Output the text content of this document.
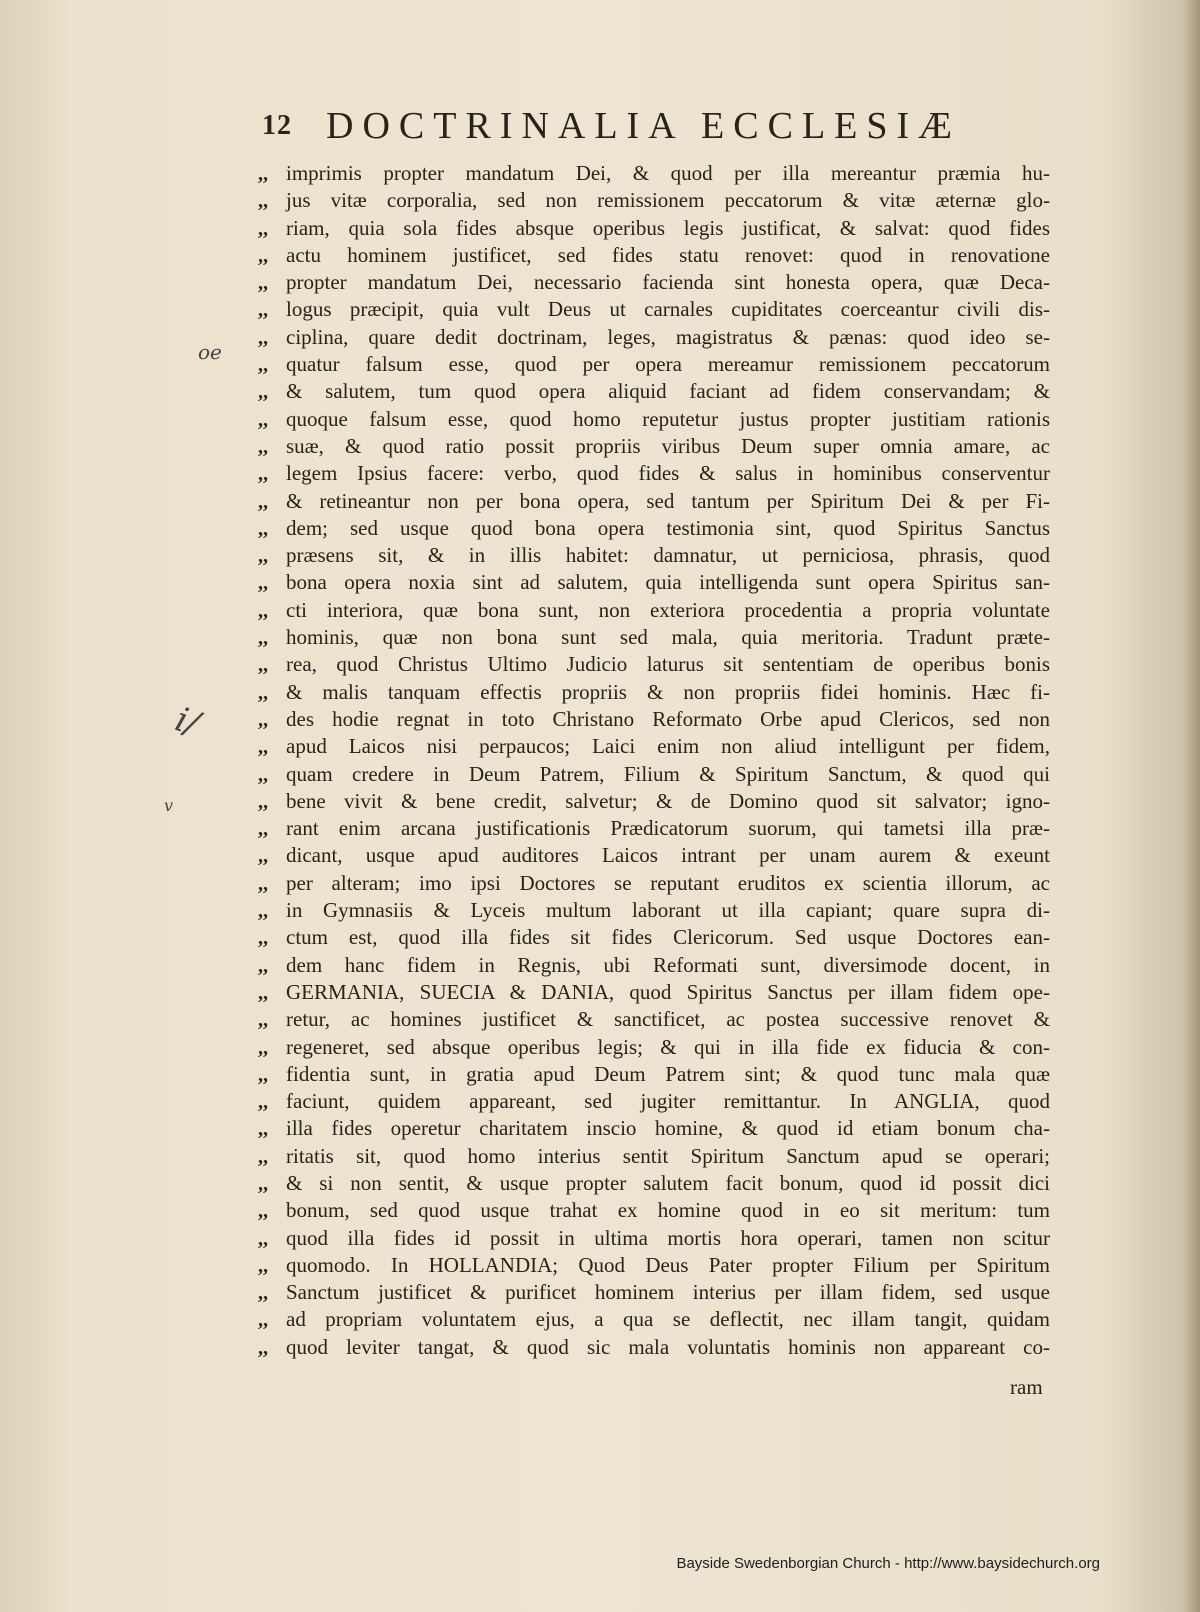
12 DOCTRINALIA ECCLESIÆ
,, imprimis propter mandatum Dei, & quod per illa mereantur præmia hu-
,, jus vitæ corporalia, sed non remissionem peccatorum & vitæ æternæ glo-
,, riam, quia sola fides absque operibus legis justificat, & salvat: quod fides
,, actu hominem justificet, sed fides statu renovet: quod in renovatione
,, propter mandatum Dei, necessario facienda sint honesta opera, quæ Deca-
,, logus præcipit, quia vult Deus ut carnales cupiditates coerceantur civili dis-
,, ciplina, quare dedit doctrinam, leges, magistratus & pænas: quod ideo se-
,, quatur falsum esse, quod per opera mereamur remissionem peccatorum
,, & salutem, tum quod opera aliquid faciant ad fidem conservandam; &
,, quoque falsum esse, quod homo reputetur justus propter justitiam rationis
,, suæ, & quod ratio possit propriis viribus Deum super omnia amare, ac
,, legem Ipsius facere: verbo, quod fides & salus in hominibus conserventur
,, & retineantur non per bona opera, sed tantum per Spiritum Dei & per Fi-
,, dem; sed usque quod bona opera testimonia sint, quod Spiritus Sanctus
,, præsens sit, & in illis habitet: damnatur, ut perniciosa, phrasis, quod
,, bona opera noxia sint ad salutem, quia intelligenda sunt opera Spiritus san-
,, cti interiora, quæ bona sunt, non exteriora procedentia a propria voluntate
,, hominis, quæ non bona sunt sed mala, quia meritoria. Tradunt præte-
,, rea, quod Christus Ultimo Judicio laturus sit sententiam de operibus bonis
,, & malis tanquam effectis propriis & non propriis fidei hominis. Hæc fi-
,, des hodie regnat in toto Christano Reformato Orbe apud Clericos, sed non
,, apud Laicos nisi perpaucos; Laici enim non aliud intelligunt per fidem,
,, quam credere in Deum Patrem, Filium & Spiritum Sanctum, & quod qui
,, bene vivit & bene credit, salvetur; & de Domino quod sit salvator; igno-
,, rant enim arcana justificationis Prædicatorum suorum, qui tametsi illa præ-
,, dicant, usque apud auditores Laicos intrant per unam aurem & exeunt
,, per alteram; imo ipsi Doctores se reputant eruditos ex scientia illorum, ac
,, in Gymnasiis & Lyceis multum laborant ut illa capiant; quare supra di-
,, ctum est, quod illa fides sit fides Clericorum. Sed usque Doctores ean-
,, dem hanc fidem in Regnis, ubi Reformati sunt, diversimode docent, in
,, GERMANIA, SUECIA & DANIA, quod Spiritus Sanctus per illam fidem ope-
,, retur, ac homines justificet & sanctificet, ac postea successive renovet &
,, regeneret, sed absque operibus legis; & qui in illa fide ex fiducia & con-
,, fidentia sunt, in gratia apud Deum Patrem sint; & quod tunc mala quæ
,, faciunt, quidem appareant, sed jugiter remittantur. In ANGLIA, quod
,, illa fides operetur charitatem inscio homine, & quod id etiam bonum cha-
,, ritatis sit, quod homo interius sentit Spiritum Sanctum apud se operari;
,, & si non sentit, & usque propter salutem facit bonum, quod id possit dici
,, bonum, sed quod usque trahat ex homine quod in eo sit meritum: tum
,, quod illa fides id possit in ultima mortis hora operari, tamen non scitur
,, quomodo. In HOLLANDIA; Quod Deus Pater propter Filium per Spiritum
,, Sanctum justificet & purificet hominem interius per illam fidem, sed usque
,, ad propriam voluntatem ejus, a qua se deflectit, nec illam tangit, quidam
,, quod leviter tangat, & quod sic mala voluntatis hominis non appareant co-
oe
i/
v
ram
Bayside Swedenborgian Church - http://www.baysidechurch.org
